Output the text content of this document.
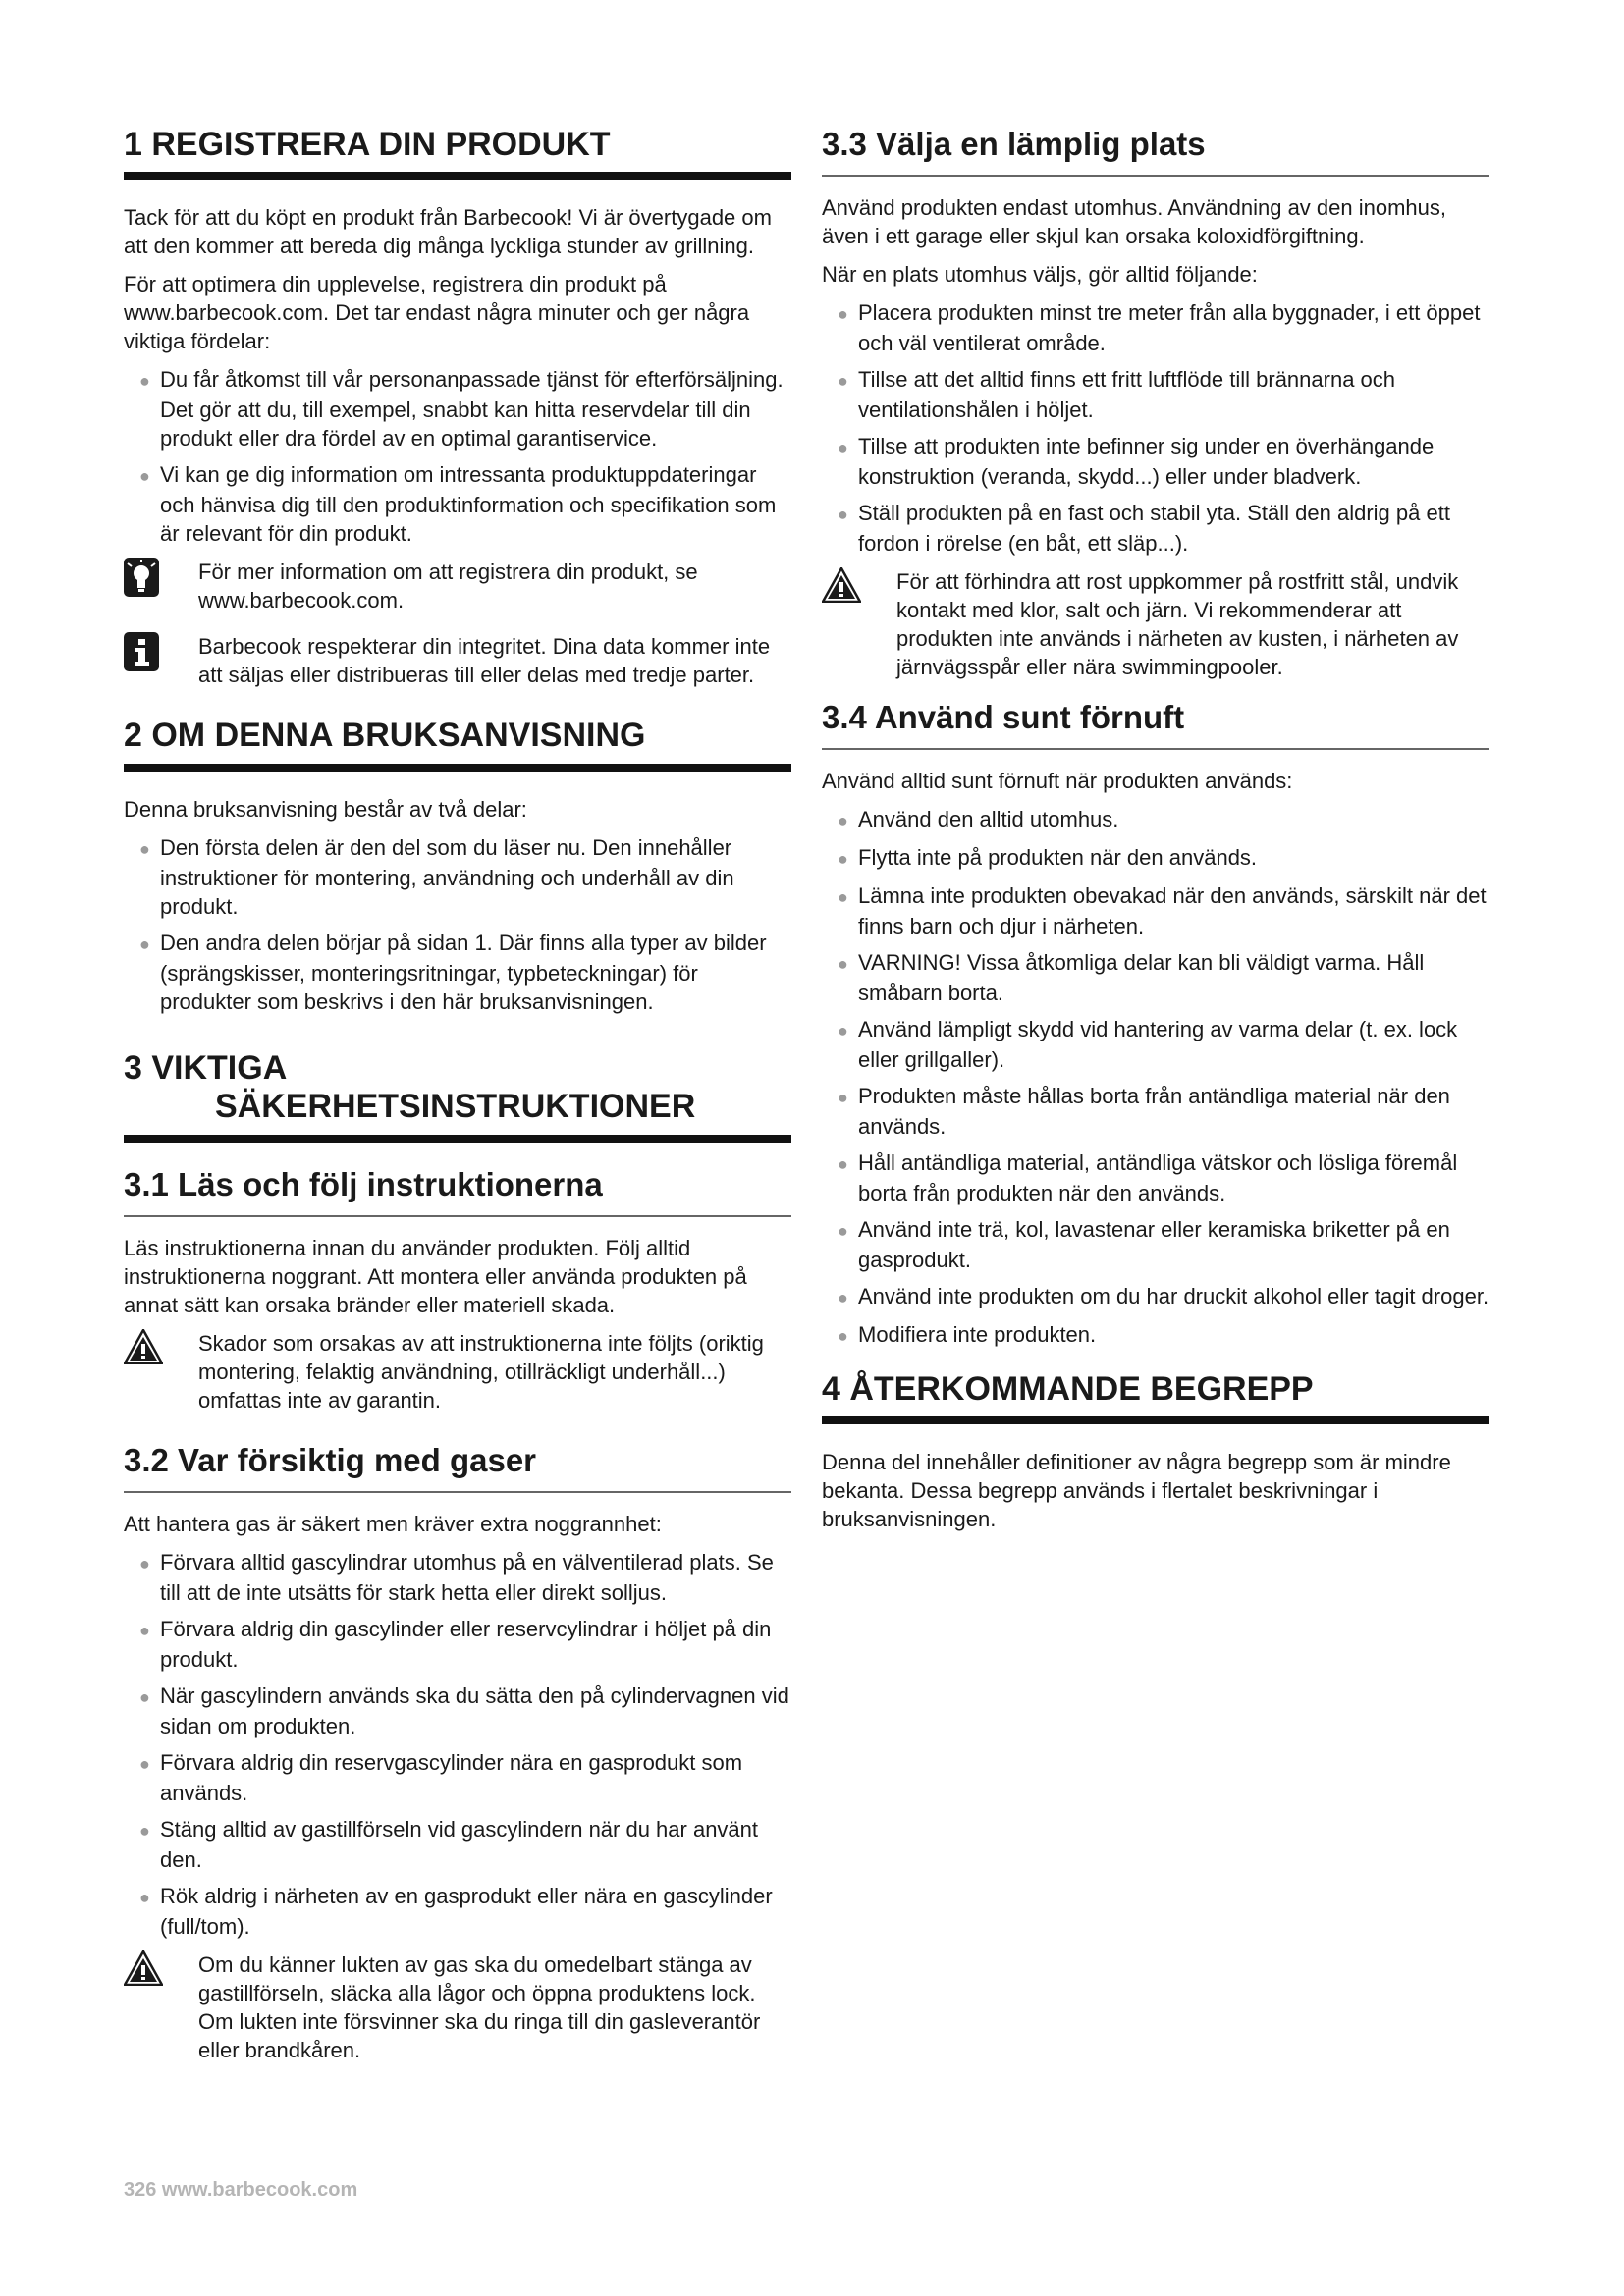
1 REGISTRERA DIN PRODUKT

Tack för att du köpt en produkt från Barbecook! Vi är övertygade om att den kommer att bereda dig många lyckliga stunder av grillning.

För att optimera din upplevelse, registrera din produkt på www.barbecook.com. Det tar endast några minuter och ger några viktiga fördelar:

● Du får åtkomst till vår personanpassade tjänst för efterförsäljning. Det gör att du, till exempel, snabbt kan hitta reservdelar till din produkt eller dra fördel av en optimal garantiservice.
● Vi kan ge dig information om intressanta produktuppdateringar och hänvisa dig till den produktinformation och specifikation som är relevant för din produkt.
För mer information om att registrera din produkt, se www.barbecook.com.
Barbecook respekterar din integritet. Dina data kommer inte att säljas eller distribueras till eller delas med tredje parter.
2 OM DENNA BRUKSANVISNING

Denna bruksanvisning består av två delar:

● Den första delen är den del som du läser nu. Den innehåller instruktioner för montering, användning och underhåll av din produkt.
● Den andra delen börjar på sidan 1. Där finns alla typer av bilder (sprängskisser, monteringsritningar, typbeteckningar) för produkter som beskrivs i den här bruksanvisningen.
3 VIKTIGA
SÄKERHETSINSTRUKTIONER
3.1 Läs och följ instruktionerna

Läs instruktionerna innan du använder produkten. Följ alltid instruktionerna noggrant. Att montera eller använda produkten på annat sätt kan orsaka bränder eller materiell skada.

Skador som orsakas av att instruktionerna inte följts (oriktig montering, felaktig användning, otillräckligt underhåll...) omfattas inte av garantin.
3.2 Var försiktig med gaser

Att hantera gas är säkert men kräver extra noggrannhet:

● Förvara alltid gascylindrar utomhus på en välventilerad plats. Se till att de inte utsätts för stark hetta eller direkt solljus.
● Förvara aldrig din gascylinder eller reservcylindrar i höljet på din produkt.
● När gascylindern används ska du sätta den på cylindervagnen vid sidan om produkten.
● Förvara aldrig din reservgascylinder nära en gasprodukt som används.
● Stäng alltid av gastillförseln vid gascylindern när du har använt den.
● Rök aldrig i närheten av en gasprodukt eller nära en gascylinder (full/tom).
Om du känner lukten av gas ska du omedelbart stänga av gastillförseln, släcka alla lågor och öppna produktens lock. Om lukten inte försvinner ska du ringa till din gasleverantör eller brandkåren.
3.3 Välja en lämplig plats

Använd produkten endast utomhus. Användning av den inomhus, även i ett garage eller skjul kan orsaka koloxidförgiftning.

När en plats utomhus väljs, gör alltid följande:

● Placera produkten minst tre meter från alla byggnader, i ett öppet och väl ventilerat område.
● Tillse att det alltid finns ett fritt luftflöde till brännarna och ventilationshålen i höljet.
● Tillse att produkten inte befinner sig under en överhängande konstruktion (veranda, skydd...) eller under bladverk.
● Ställ produkten på en fast och stabil yta. Ställ den aldrig på ett fordon i rörelse (en båt, ett släp...).
För att förhindra att rost uppkommer på rostfritt stål, undvik kontakt med klor, salt och järn. Vi rekommenderar att produkten inte används i närheten av kusten, i närheten av järnvägsspår eller nära swimmingpooler.
3.4 Använd sunt förnuft

Använd alltid sunt förnuft när produkten används:

● Använd den alltid utomhus.
● Flytta inte på produkten när den används.
● Lämna inte produkten obevakad när den används, särskilt när det finns barn och djur i närheten.
● VARNING! Vissa åtkomliga delar kan bli väldigt varma. Håll småbarn borta.
● Använd lämpligt skydd vid hantering av varma delar (t. ex. lock eller grillgaller).
● Produkten måste hållas borta från antändliga material när den används.
● Håll antändliga material, antändliga vätskor och lösliga föremål borta från produkten när den används.
● Använd inte trä, kol, lavastenar eller keramiska briketter på en gasprodukt.
● Använd inte produkten om du har druckit alkohol eller tagit droger.
● Modifiera inte produkten.
4 ÅTERKOMMANDE BEGREPP

Denna del innehåller definitioner av några begrepp som är mindre bekanta. Dessa begrepp används i flertalet beskrivningar i bruksanvisningen.

326 www.barbecook.com
